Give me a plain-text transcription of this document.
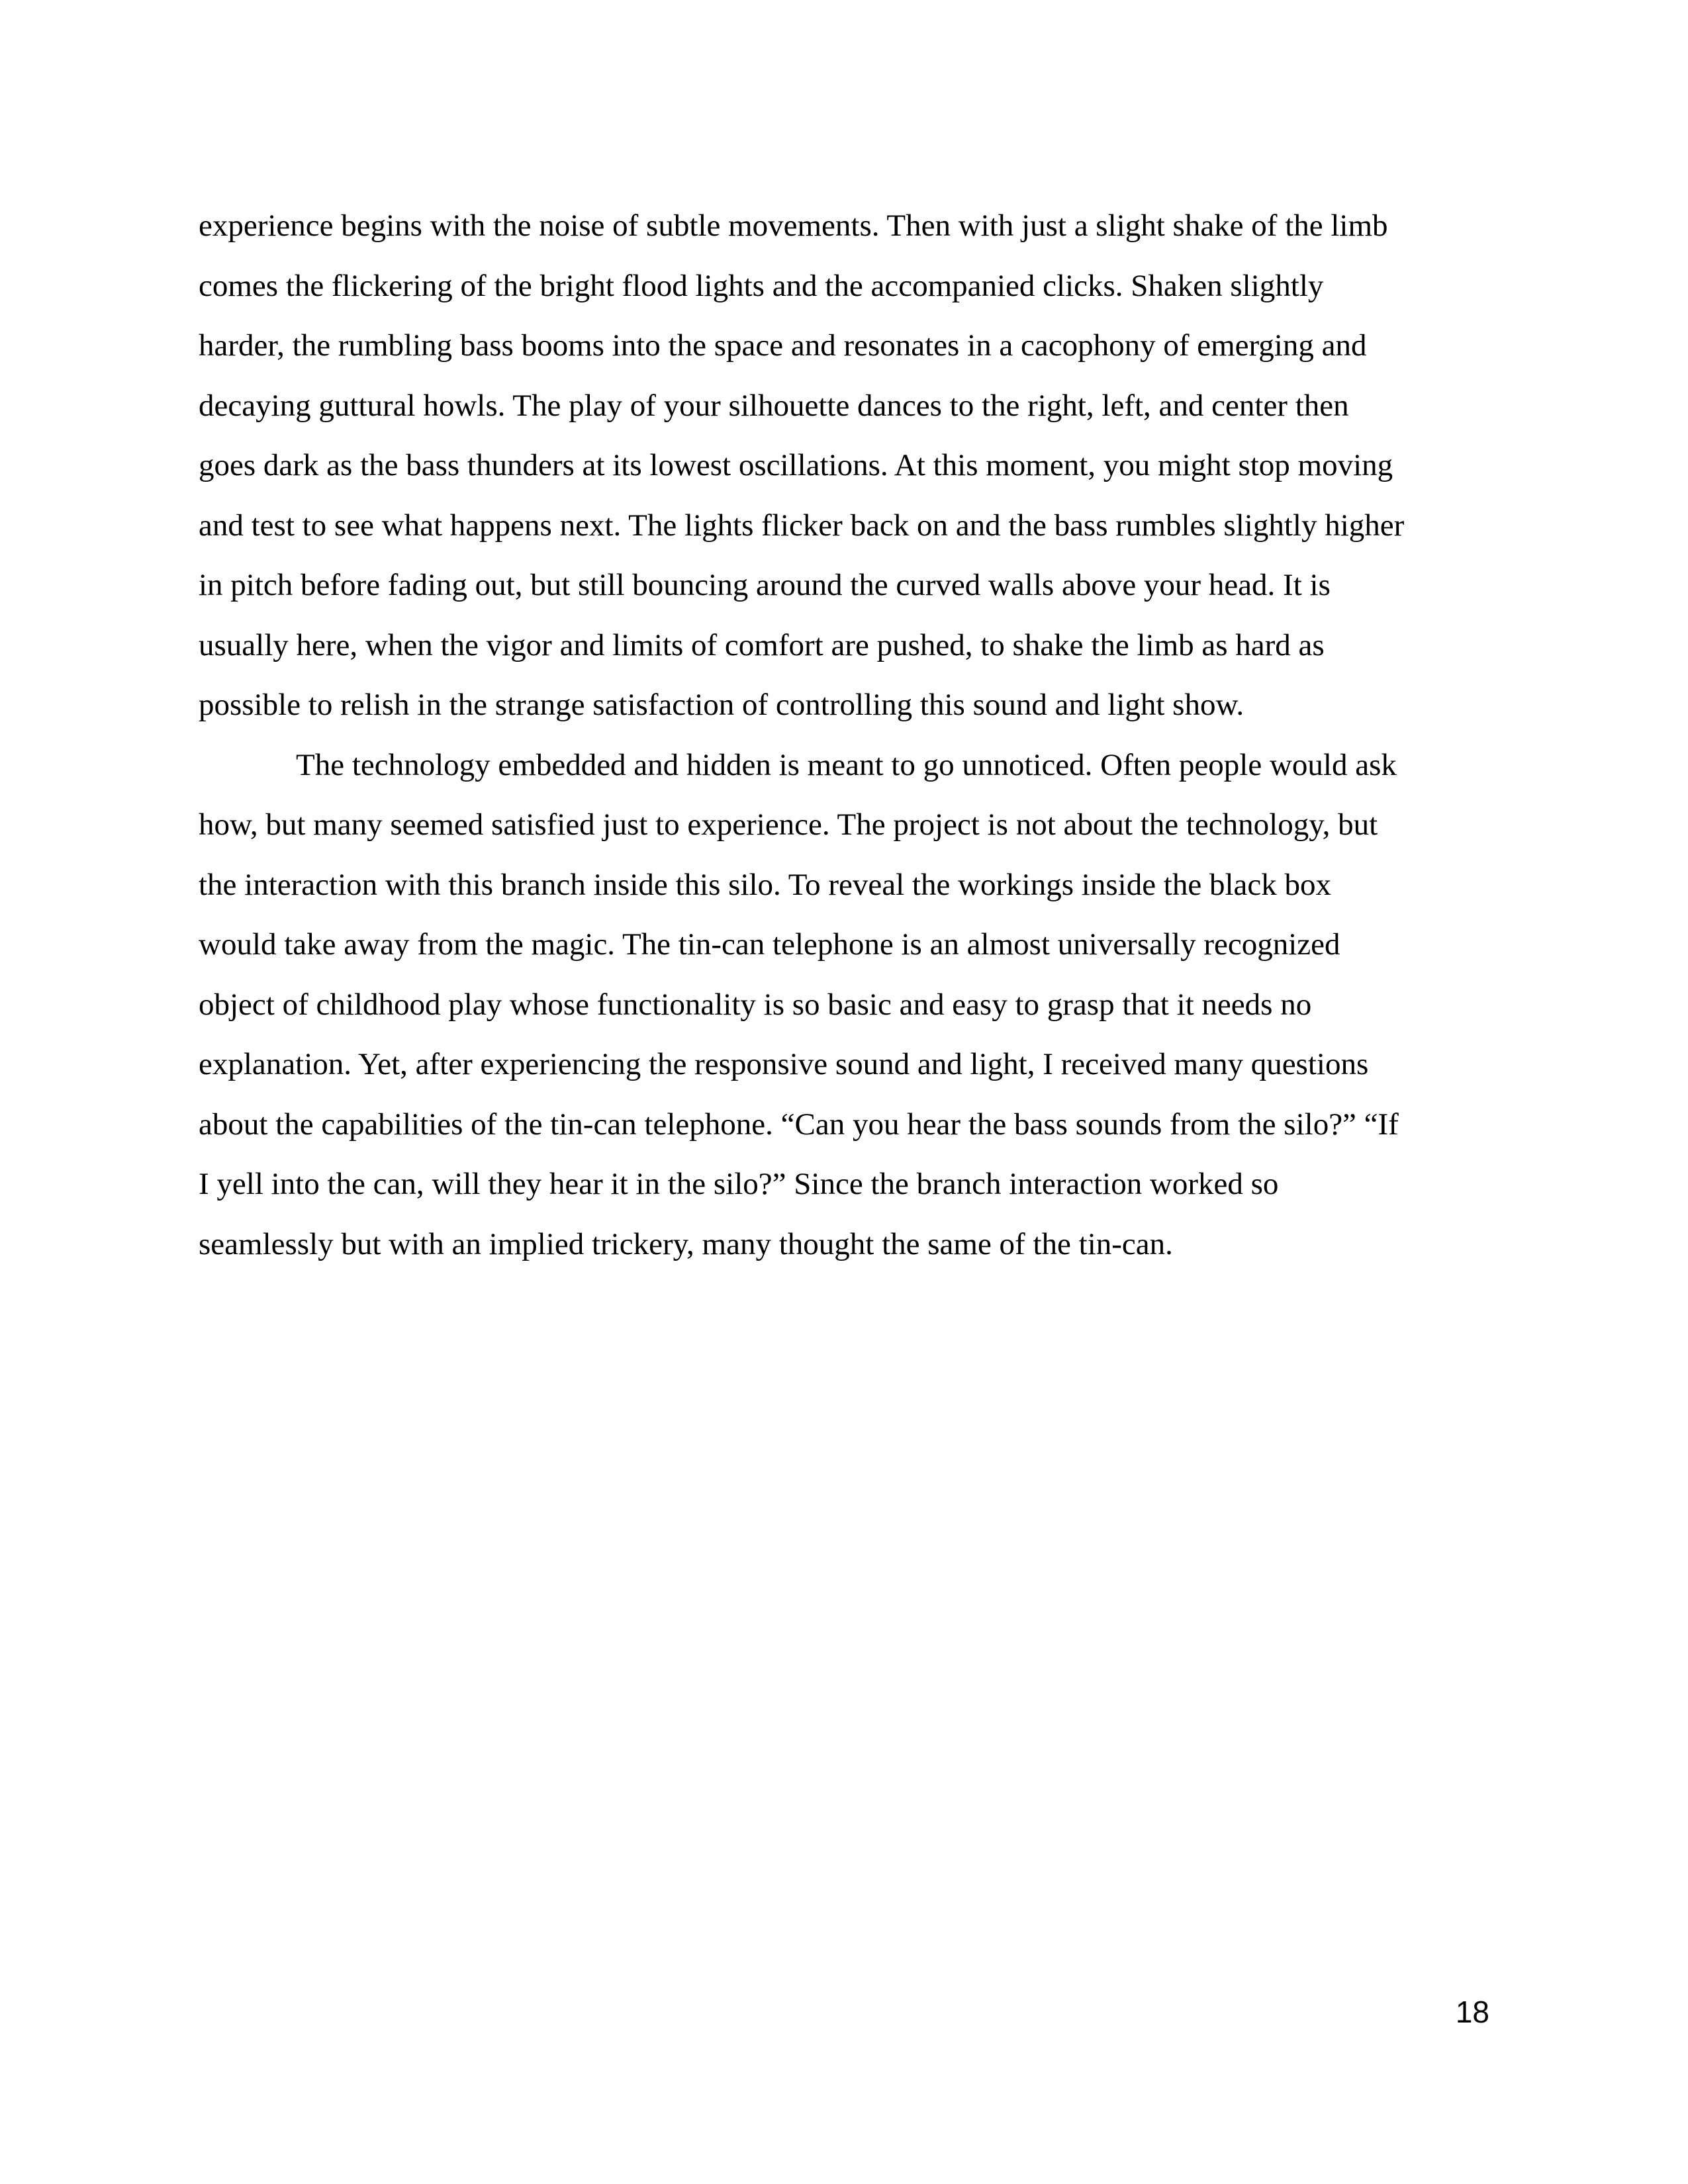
experience begins with the noise of subtle movements. Then with just a slight shake of the limb

comes the flickering of the bright flood lights and the accompanied clicks. Shaken slightly

harder, the rumbling bass booms into the space and resonates in a cacophony of emerging and

decaying guttural howls. The play of your silhouette dances to the right, left, and center then

goes dark as the bass thunders at its lowest oscillations. At this moment, you might stop moving

and test to see what happens next. The lights flicker back on and the bass rumbles slightly higher

in pitch before fading out, but still bouncing around the curved walls above your head. It is

usually here, when the vigor and limits of comfort are pushed, to shake the limb as hard as

possible to relish in the strange satisfaction of controlling this sound and light show.

The technology embedded and hidden is meant to go unnoticed. Often people would ask

how, but many seemed satisfied just to experience. The project is not about the technology, but

the interaction with this branch inside this silo. To reveal the workings inside the black box

would take away from the magic. The tin-can telephone is an almost universally recognized

object of childhood play whose functionality is so basic and easy to grasp that it needs no

explanation. Yet, after experiencing the responsive sound and light, I received many questions

about the capabilities of the tin-can telephone. “Can you hear the bass sounds from the silo?” “If

I yell into the can, will they hear it in the silo?” Since the branch interaction worked so

seamlessly but with an implied trickery, many thought the same of the tin-can.

18
